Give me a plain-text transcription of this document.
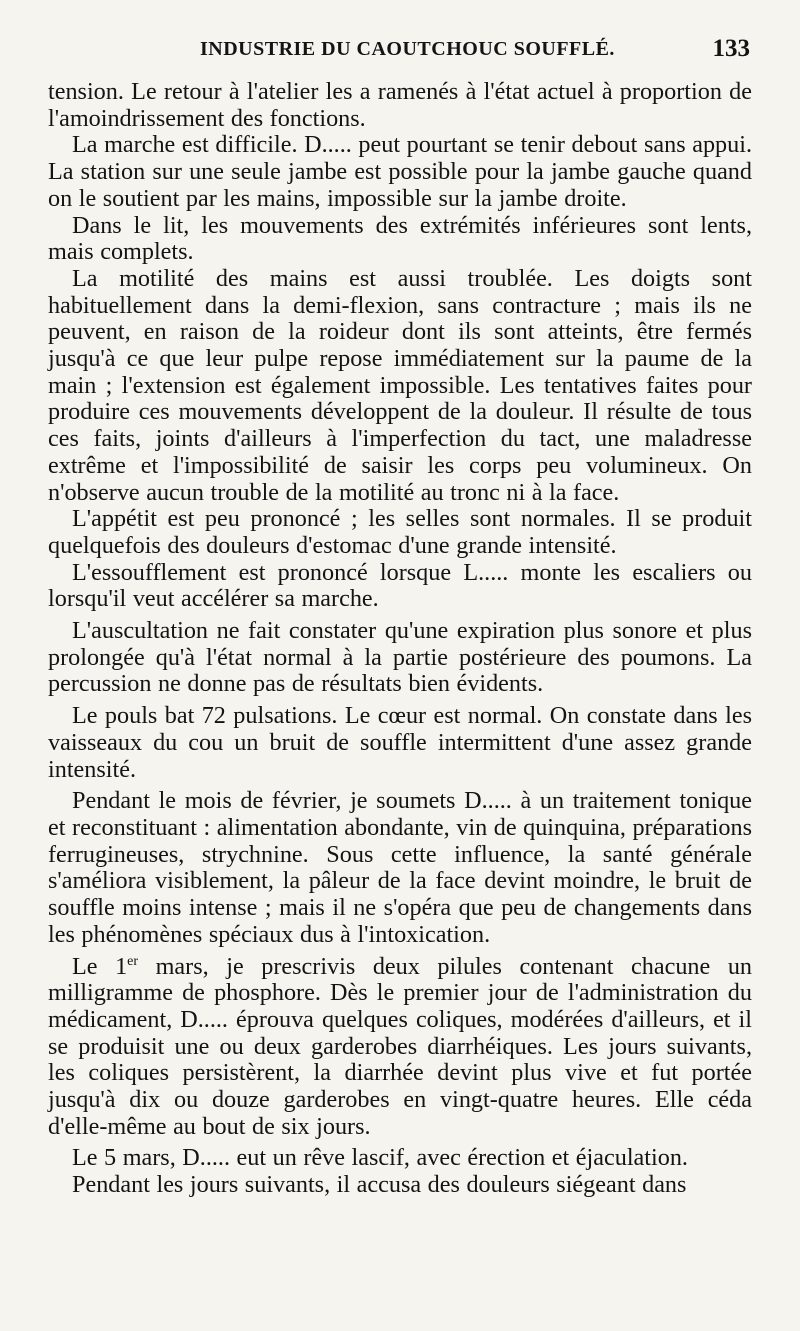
INDUSTRIE DU CAOUTCHOUC SOUFFLÉ.	133

tension. Le retour à l'atelier les a ramenés à l'état actuel à proportion de l'amoindrissement des fonctions.

La marche est difficile. D..... peut pourtant se tenir debout sans appui. La station sur une seule jambe est possible pour la jambe gauche quand on le soutient par les mains, impossible sur la jambe droite.

Dans le lit, les mouvements des extrémités inférieures sont lents, mais complets.

La motilité des mains est aussi troublée. Les doigts sont habituellement dans la demi-flexion, sans contracture ; mais ils ne peuvent, en raison de la roideur dont ils sont atteints, être fermés jusqu'à ce que leur pulpe repose immédiatement sur la paume de la main ; l'extension est également impossible. Les tentatives faites pour produire ces mouvements développent de la douleur. Il résulte de tous ces faits, joints d'ailleurs à l'imperfection du tact, une maladresse extrême et l'impossibilité de saisir les corps peu volumineux. On n'observe aucun trouble de la motilité au tronc ni à la face.

L'appétit est peu prononcé ; les selles sont normales. Il se produit quelquefois des douleurs d'estomac d'une grande intensité.

L'essoufflement est prononcé lorsque L..... monte les escaliers ou lorsqu'il veut accélérer sa marche.

L'auscultation ne fait constater qu'une expiration plus sonore et plus prolongée qu'à l'état normal à la partie postérieure des poumons. La percussion ne donne pas de résultats bien évidents.

Le pouls bat 72 pulsations. Le cœur est normal. On constate dans les vaisseaux du cou un bruit de souffle intermittent d'une assez grande intensité.

Pendant le mois de février, je soumets D..... à un traitement tonique et reconstituant : alimentation abondante, vin de quinquina, préparations ferrugineuses, strychnine. Sous cette influence, la santé générale s'améliora visiblement, la pâleur de la face devint moindre, le bruit de souffle moins intense ; mais il ne s'opéra que peu de changements dans les phénomènes spéciaux dus à l'intoxication.

Le 1er mars, je prescrivis deux pilules contenant chacune un milligramme de phosphore. Dès le premier jour de l'administration du médicament, D..... éprouva quelques coliques, modérées d'ailleurs, et il se produisit une ou deux garderobes diarrhéiques. Les jours suivants, les coliques persistèrent, la diarrhée devint plus vive et fut portée jusqu'à dix ou douze garderobes en vingt-quatre heures. Elle céda d'elle-même au bout de six jours.

Le 5 mars, D..... eut un rêve lascif, avec érection et éjaculation.

Pendant les jours suivants, il accusa des douleurs siégeant dans
